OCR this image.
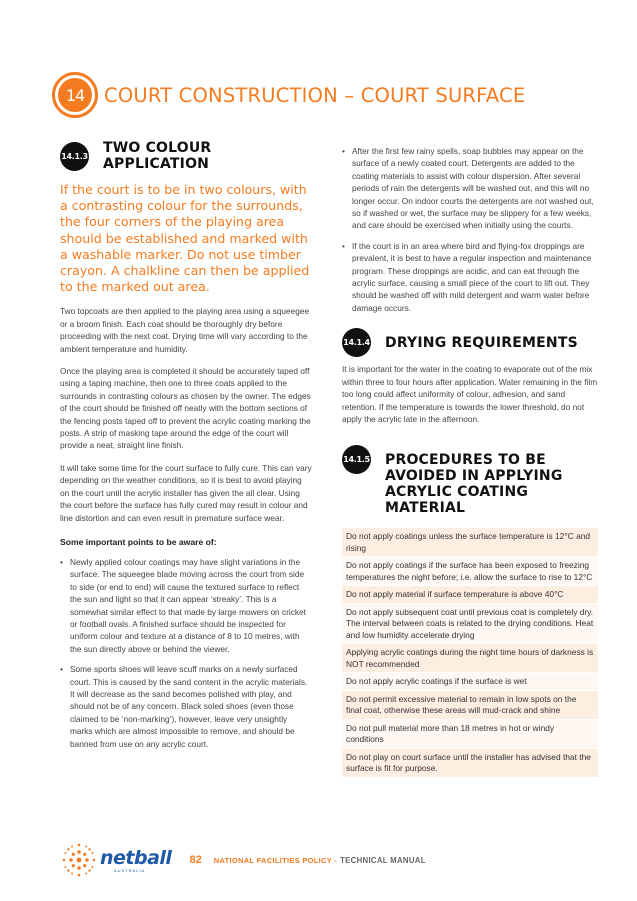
14	COURT CONSTRUCTION – COURT SURFACE
14.1.3 TWO COLOUR APPLICATION
If the court is to be in two colours, with a contrasting colour for the surrounds, the four corners of the playing area should be established and marked with a washable marker. Do not use timber crayon. A chalkline can then be applied to the marked out area.

Two topcoats are then applied to the playing area using a squeegee or a broom finish. Each coat should be thoroughly dry before proceeding with the next coat. Drying time will vary according to the ambient temperature and humidity.

Once the playing area is completed it should be accurately taped off using a taping machine, then one to three coats applied to the surrounds in contrasting colours as chosen by the owner. The edges of the court should be finished off neatly with the bottom sections of the fencing posts taped off to prevent the acrylic coating marking the posts. A strip of masking tape around the edge of the court will provide a neat, straight line finish.

It will take some time for the court surface to fully cure. This can vary depending on the weather conditions, so it is best to avoid playing on the court until the acrylic installer has given the all clear. Using the court before the surface has fully cured may result in colour and line distortion and can even result in premature surface wear.

Some important points to be aware of:
• Newly applied colour coatings may have slight variations in the surface. The squeegee blade moving across the court from side to side (or end to end) will cause the textured surface to reflect the sun and light so that it can appear ‘streaky’. This is a somewhat similar effect to that made by large mowers on cricket or football ovals. A finished surface should be inspected for uniform colour and texture at a distance of 8 to 10 metres, with the sun directly above or behind the viewer.
• Some sports shoes will leave scuff marks on a newly surfaced court. This is caused by the sand content in the acrylic materials. It will decrease as the sand becomes polished with play, and should not be of any concern. Black soled shoes (even those claimed to be ‘non-marking’), however, leave very unsightly marks which are almost impossible to remove, and should be banned from use on any acrylic court.
• After the first few rainy spells, soap bubbles may appear on the surface of a newly coated court. Detergents are added to the coating materials to assist with colour dispersion. After several periods of rain the detergents will be washed out, and this will no longer occur. On indoor courts the detergents are not washed out, so if washed or wet, the surface may be slippery for a few weeks, and care should be exercised when initially using the courts.
• If the court is in an area where bird and flying-fox droppings are prevalent, it is best to have a regular inspection and maintenance program. These droppings are acidic, and can eat through the acrylic surface, causing a small piece of the court to lift out. They should be washed off with mild detergent and warm water before damage occurs.
14.1.4 DRYING REQUIREMENTS

It is important for the water in the coating to evaporate out of the mix within three to four hours after application. Water remaining in the film too long could affect uniformity of colour, adhesion, and sand retention. If the temperature is towards the lower threshold, do not apply the acrylic late in the afternoon.

14.1.5 PROCEDURES TO BE AVOIDED IN APPLYING ACRYLIC COATING MATERIAL
Do not apply coatings unless the surface temperature is 12°C and rising
Do not apply coatings if the surface has been exposed to freezing temperatures the night before; i.e. allow the surface to rise to 12°C
Do not apply material if surface temperature is above 40°C
Do not apply subsequent coat until previous coat is completely dry. The interval between coats is related to the drying conditions. Heat and low humidity accelerate drying
Applying acrylic coatings during the night time hours of darkness is NOT recommended
Do not apply acrylic coatings if the surface is wet
Do not permit excessive material to remain in low spots on the final coat, otherwise these areas will mud-crack and shine
Do not pull material more than 18 metres in hot or windy conditions
Do not play on court surface until the installer has advised that the surface is fit for purpose.
netball
AUSTRALIA
82 NATIONAL FACILITIES POLICY - TECHNICAL MANUAL
